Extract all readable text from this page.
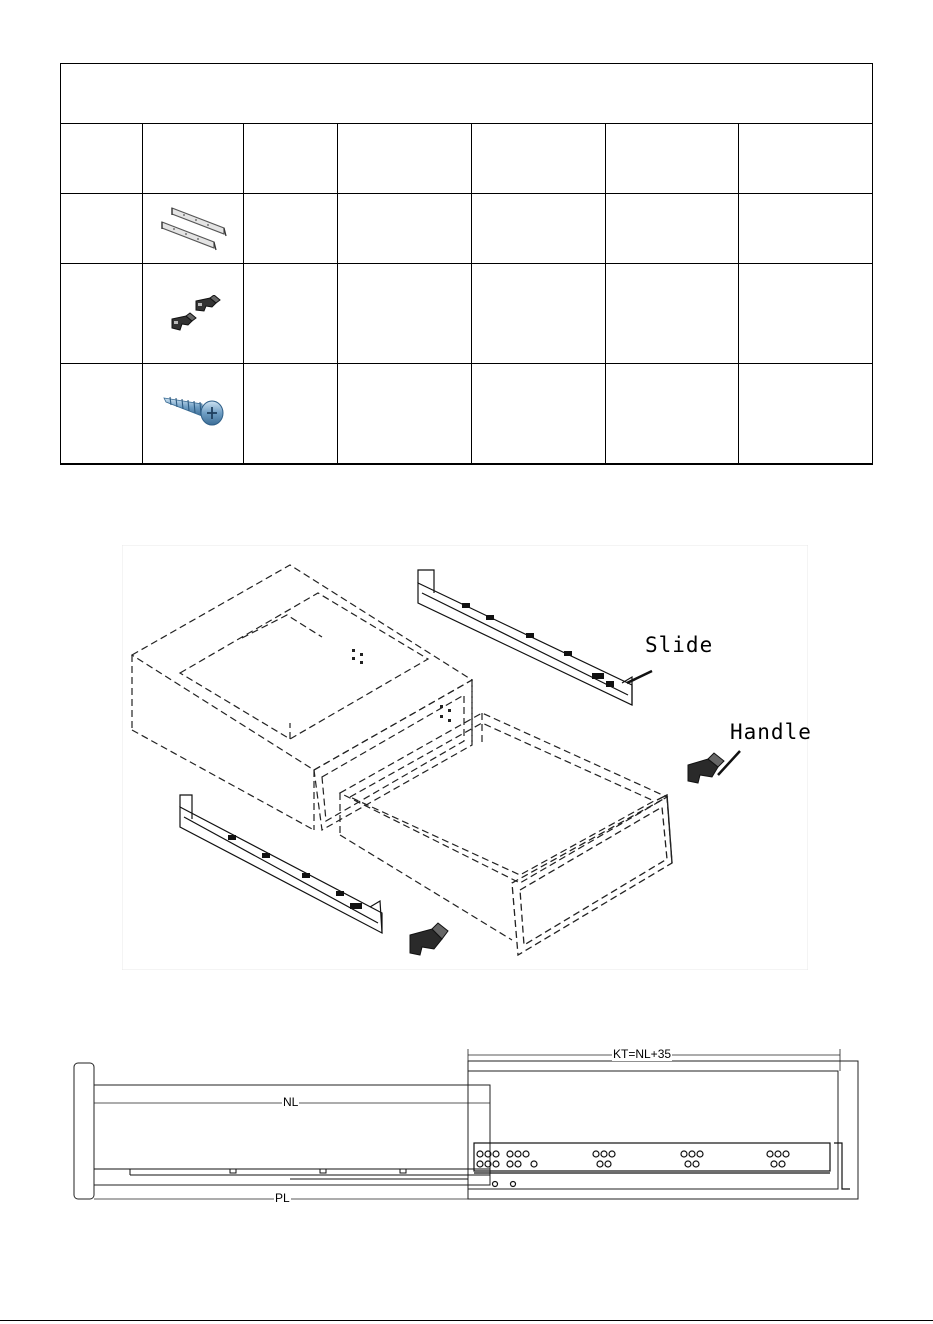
Slide
Handle
KT=NL+35
NL
PL
